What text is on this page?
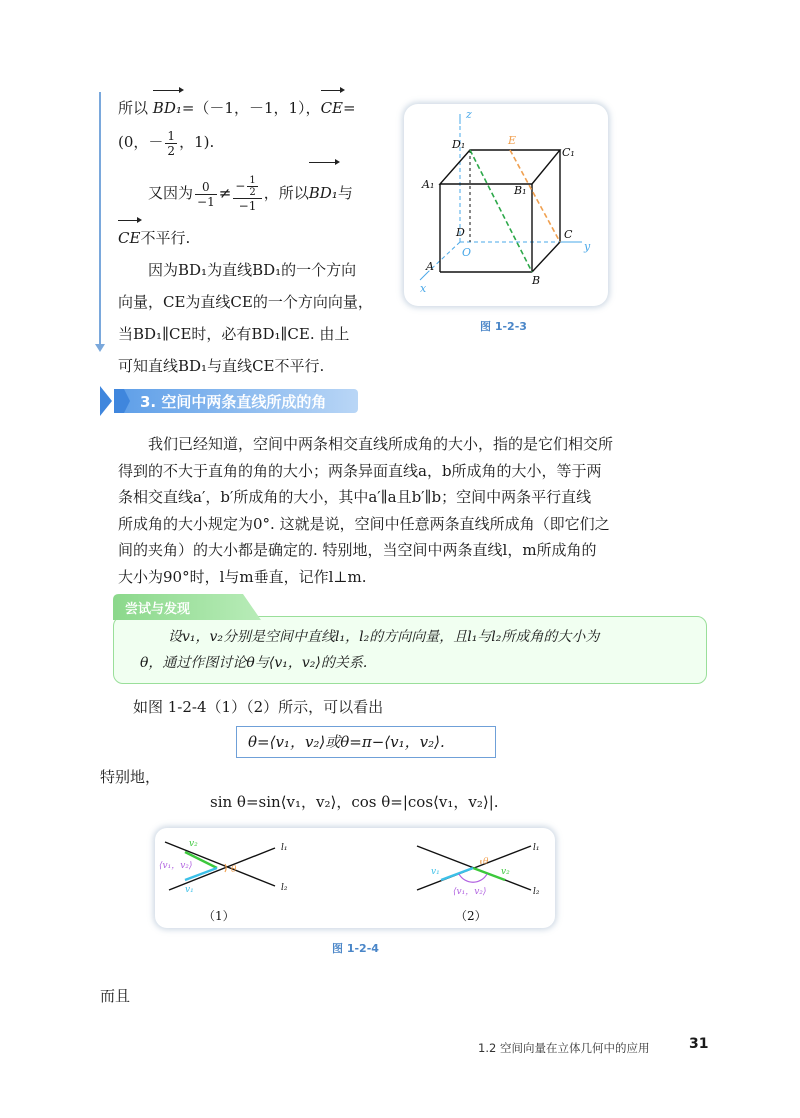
所以 BD₁=（－1，－1，1），CE=
(0，－ $\frac{1}{2}$ ，1).
又因为 $\frac{0}{-1} \ne \frac{- \frac{1}{2}}{-1}$ ，所以BD₁与
CE不平行.
因为BD₁为直线BD₁的一个方向
向量，CE为直线CE的一个方向向量，
当BD₁∥CE时，必有BD₁∥CE. 由上
可知直线BD₁与直线CE不平行.
z
E
C₁
D₁
A₁	B₁
D	C
O	y
A
B
x
图 1-2-3
3. 空间中两条直线所成的角
我们已经知道，空间中两条相交直线所成角的大小，指的是它们相交所
得到的不大于直角的角的大小；两条异面直线a，b所成角的大小，等于两
条相交直线a′，b′所成角的大小，其中a′∥a且b′∥b；空间中两条平行直线
所成角的大小规定为0°. 这就是说，空间中任意两条直线所成角（即它们之
间的夹角）的大小都是确定的. 特别地，当空间中两条直线l，m所成角的
大小为90°时，l与m垂直，记作l⊥m.
尝试与发现
设v₁，v₂分别是空间中直线l₁，l₂的方向向量，且l₁与l₂所成角的大小为
θ，通过作图讨论θ与⟨v₁，v₂⟩的关系.
如图 1-2-4（1）（2）所示，可以看出
θ=⟨v₁，v₂⟩或θ=π−⟨v₁，v₂⟩.
特别地，
sin θ=sin⟨v₁，v₂⟩，cos θ=|cos⟨v₁，v₂⟩|.
v₂
⟨v₁，v₂⟩
v₁
θ
l₁
l₂
θ
v₁	v₂
⟨v₁，v₂⟩
l₁
l₂
（1）	（2）
图 1-2-4
而且
1.2 空间向量在立体几何中的应用	31
